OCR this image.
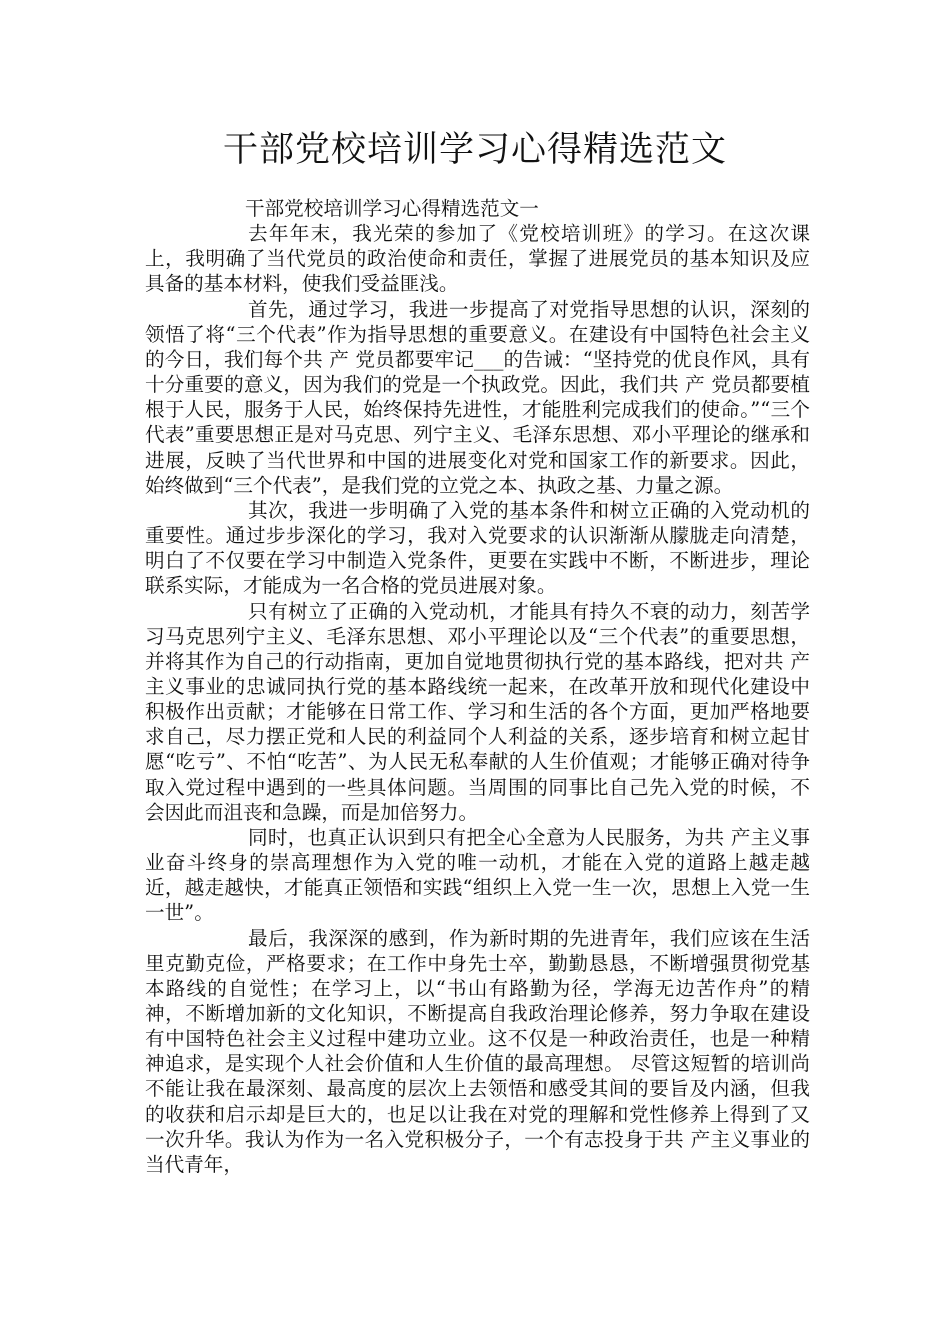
干部党校培训学习心得精选范文

干部党校培训学习心得精选范文一

去年年末，我光荣的参加了《党校培训班》的学习。在这次课上，我明确了当代党员的政治使命和责任，掌握了进展党员的基本知识及应具备的基本材料，使我们受益匪浅。

首先，通过学习，我进一步提高了对党指导思想的认识，深刻的领悟了将“三个代表”作为指导思想的重要意义。在建设有中国特色社会主义的今日，我们每个共 产 党员都要牢记___的告诫：“坚持党的优良作风，具有十分重要的意义，因为我们的党是一个执政党。因此，我们共 产 党员都要植根于人民，服务于人民，始终保持先进性，才能胜利完成我们的使命。”“三个代表”重要思想正是对马克思、列宁主义、毛泽东思想、邓小平理论的继承和进展，反映了当代世界和中国的进展变化对党和国家工作的新要求。因此，始终做到“三个代表”，是我们党的立党之本、执政之基、力量之源。

其次，我进一步明确了入党的基本条件和树立正确的入党动机的重要性。通过步步深化的学习，我对入党要求的认识渐渐从朦胧走向清楚，明白了不仅要在学习中制造入党条件，更要在实践中不断，不断进步，理论联系实际，才能成为一名合格的党员进展对象。

只有树立了正确的入党动机，才能具有持久不衰的动力，刻苦学习马克思列宁主义、毛泽东思想、邓小平理论以及“三个代表”的重要思想，并将其作为自己的行动指南，更加自觉地贯彻执行党的基本路线，把对共 产主义事业的忠诚同执行党的基本路线统一起来，在改革开放和现代化建设中积极作出贡献；才能够在日常工作、学习和生活的各个方面，更加严格地要求自己，尽力摆正党和人民的利益同个人利益的关系，逐步培育和树立起甘愿“吃亏”、不怕“吃苦”、为人民无私奉献的人生价值观；才能够正确对待争取入党过程中遇到的一些具体问题。当周围的同事比自己先入党的时候，不会因此而沮丧和急躁，而是加倍努力。

同时，也真正认识到只有把全心全意为人民服务，为共 产主义事业奋斗终身的崇高理想作为入党的唯一动机，才能在入党的道路上越走越近，越走越快，才能真正领悟和实践“组织上入党一生一次，思想上入党一生一世”。

最后，我深深的感到，作为新时期的先进青年，我们应该在生活里克勤克俭，严格要求；在工作中身先士卒，勤勤恳恳，不断增强贯彻党基本路线的自觉性；在学习上，以“书山有路勤为径，学海无边苦作舟”的精神，不断增加新的文化知识，不断提高自我政治理论修养，努力争取在建设有中国特色社会主义过程中建功立业。这不仅是一种政治责任，也是一种精神追求，是实现个人社会价值和人生价值的最高理想。 尽管这短暂的培训尚不能让我在最深刻、最高度的层次上去领悟和感受其间的要旨及内涵，但我的收获和启示却是巨大的，也足以让我在对党的理解和党性修养上得到了又一次升华。我认为作为一名入党积极分子，一个有志投身于共 产主义事业的当代青年，
